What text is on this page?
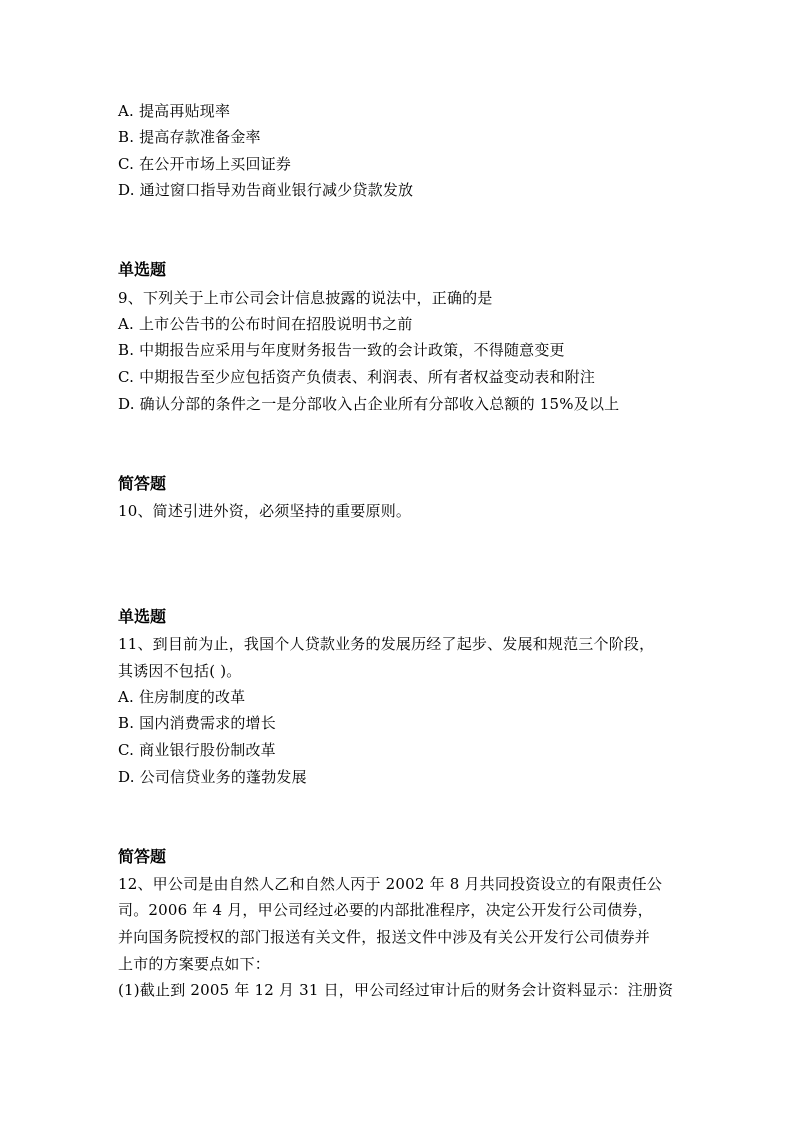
A. 提高再贴现率
B. 提高存款准备金率
C. 在公开市场上买回证券
D. 通过窗口指导劝告商业银行减少贷款发放
单选题
9、下列关于上市公司会计信息披露的说法中，正确的是
A. 上市公告书的公布时间在招股说明书之前
B. 中期报告应采用与年度财务报告一致的会计政策，不得随意变更
C. 中期报告至少应包括资产负债表、利润表、所有者权益变动表和附注
D. 确认分部的条件之一是分部收入占企业所有分部收入总额的 15%及以上
简答题
10、简述引进外资，必须坚持的重要原则。
单选题
11、到目前为止，我国个人贷款业务的发展历经了起步、发展和规范三个阶段，
其诱因不包括( )。
A. 住房制度的改革
B. 国内消费需求的增长
C. 商业银行股份制改革
D. 公司信贷业务的蓬勃发展
简答题
12、甲公司是由自然人乙和自然人丙于 2002 年 8 月共同投资设立的有限责任公
司。2006 年 4 月，甲公司经过必要的内部批准程序，决定公开发行公司债券，
并向国务院授权的部门报送有关文件，报送文件中涉及有关公开发行公司债券并
上市的方案要点如下：
(1)截止到 2005 年 12 月 31 日，甲公司经过审计后的财务会计资料显示：注册资
